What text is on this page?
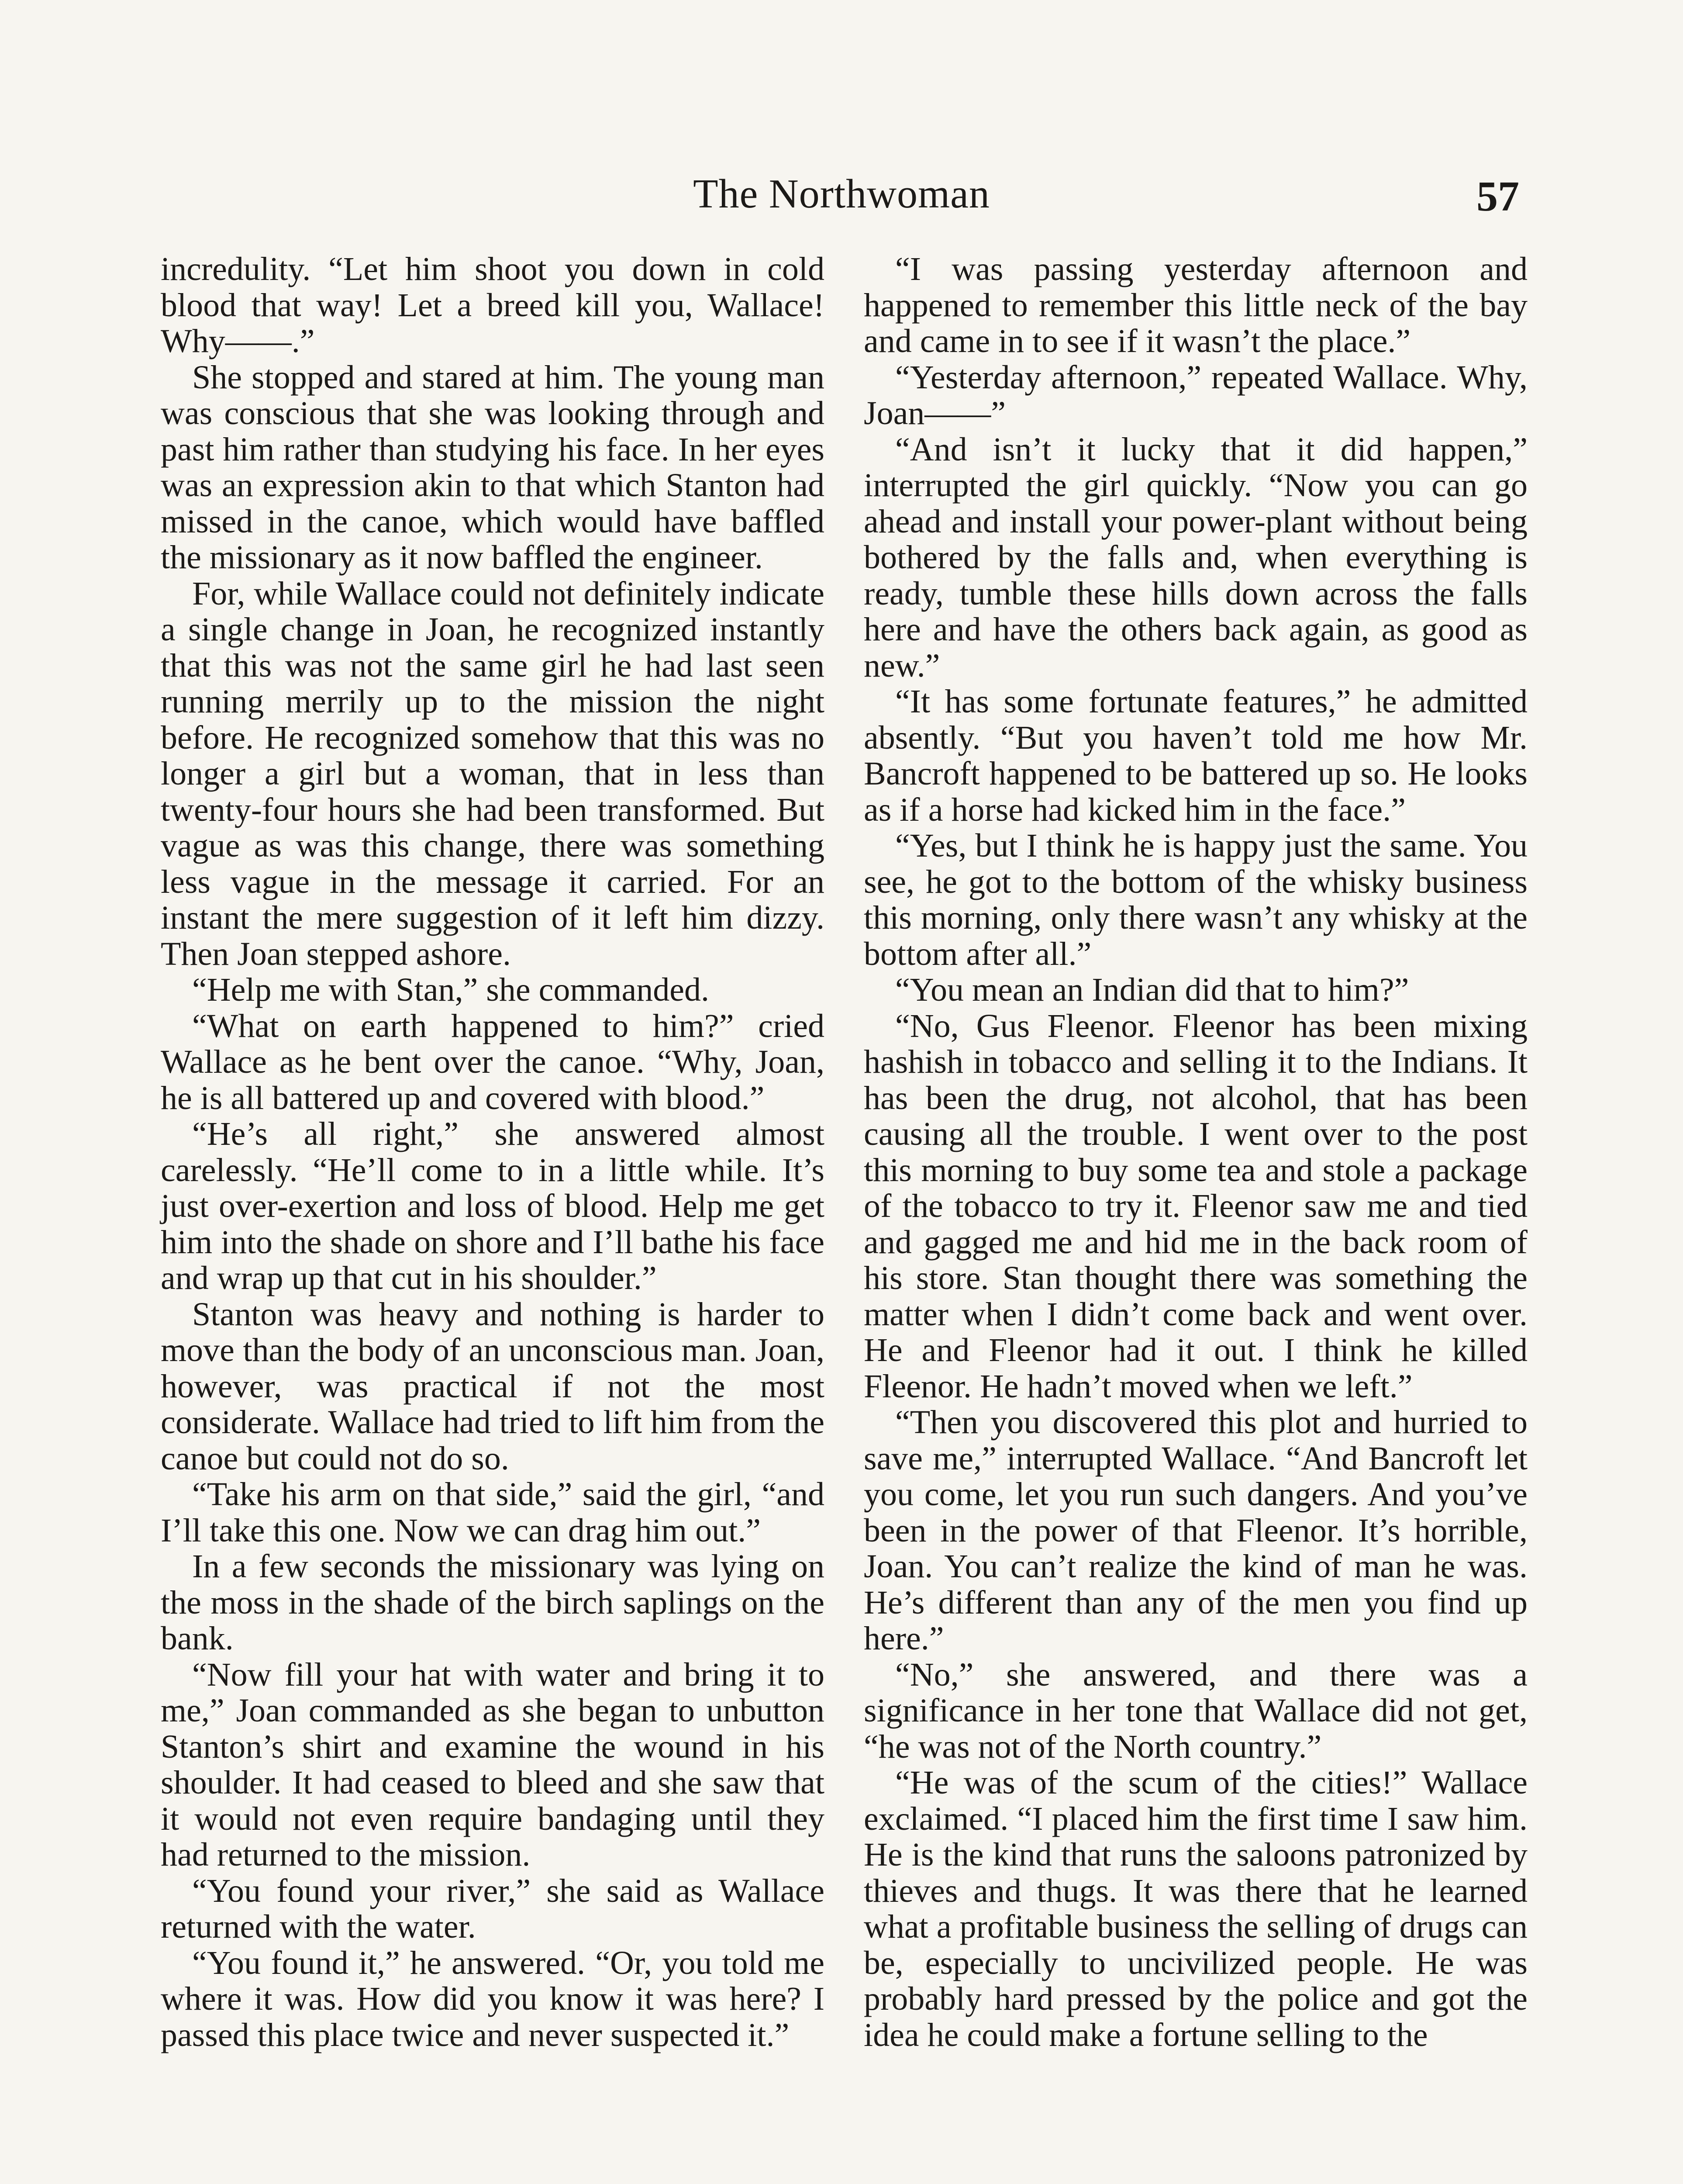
The Northwoman	57

incredulity. “Let him shoot you down in cold blood that way! Let a breed kill you, Wallace! Why——.”

She stopped and stared at him. The young man was conscious that she was looking through and past him rather than studying his face. In her eyes was an expression akin to that which Stanton had missed in the canoe, which would have baffled the missionary as it now baffled the engineer.

For, while Wallace could not definitely indicate a single change in Joan, he recognized instantly that this was not the same girl he had last seen running merrily up to the mission the night before. He recognized somehow that this was no longer a girl but a woman, that in less than twenty-four hours she had been transformed. But vague as was this change, there was something less vague in the message it carried. For an instant the mere suggestion of it left him dizzy. Then Joan stepped ashore.

“Help me with Stan,” she commanded.

“What on earth happened to him?” cried Wallace as he bent over the canoe. “Why, Joan, he is all battered up and covered with blood.”

“He’s all right,” she answered almost carelessly. “He’ll come to in a little while. It’s just over-exertion and loss of blood. Help me get him into the shade on shore and I’ll bathe his face and wrap up that cut in his shoulder.”

Stanton was heavy and nothing is harder to move than the body of an unconscious man. Joan, however, was practical if not the most considerate. Wallace had tried to lift him from the canoe but could not do so.

“Take his arm on that side,” said the girl, “and I’ll take this one. Now we can drag him out.”

In a few seconds the missionary was lying on the moss in the shade of the birch saplings on the bank.

“Now fill your hat with water and bring it to me,” Joan commanded as she began to unbutton Stanton’s shirt and examine the wound in his shoulder. It had ceased to bleed and she saw that it would not even require bandaging until they had returned to the mission.

“You found your river,” she said as Wallace returned with the water.

“You found it,” he answered. “Or, you told me where it was. How did you know it was here? I passed this place twice and never suspected it.”

“I was passing yesterday afternoon and happened to remember this little neck of the bay and came in to see if it wasn’t the place.”

“Yesterday afternoon,” repeated Wallace. Why, Joan——”

“And isn’t it lucky that it did happen,” interrupted the girl quickly. “Now you can go ahead and install your power-plant without being bothered by the falls and, when everything is ready, tumble these hills down across the falls here and have the others back again, as good as new.”

“It has some fortunate features,” he admitted absently. “But you haven’t told me how Mr. Bancroft happened to be battered up so. He looks as if a horse had kicked him in the face.”

“Yes, but I think he is happy just the same. You see, he got to the bottom of the whisky business this morning, only there wasn’t any whisky at the bottom after all.”

“You mean an Indian did that to him?”

“No, Gus Fleenor. Fleenor has been mixing hashish in tobacco and selling it to the Indians. It has been the drug, not alcohol, that has been causing all the trouble. I went over to the post this morning to buy some tea and stole a package of the tobacco to try it. Fleenor saw me and tied and gagged me and hid me in the back room of his store. Stan thought there was something the matter when I didn’t come back and went over. He and Fleenor had it out. I think he killed Fleenor. He hadn’t moved when we left.”

“Then you discovered this plot and hurried to save me,” interrupted Wallace. “And Bancroft let you come, let you run such dangers. And you’ve been in the power of that Fleenor. It’s horrible, Joan. You can’t realize the kind of man he was. He’s different than any of the men you find up here.”

“No,” she answered, and there was a significance in her tone that Wallace did not get, “he was not of the North country.”

“He was of the scum of the cities!” Wallace exclaimed. “I placed him the first time I saw him. He is the kind that runs the saloons patronized by thieves and thugs. It was there that he learned what a profitable business the selling of drugs can be, especially to uncivilized people. He was probably hard pressed by the police and got the idea he could make a fortune selling to the
